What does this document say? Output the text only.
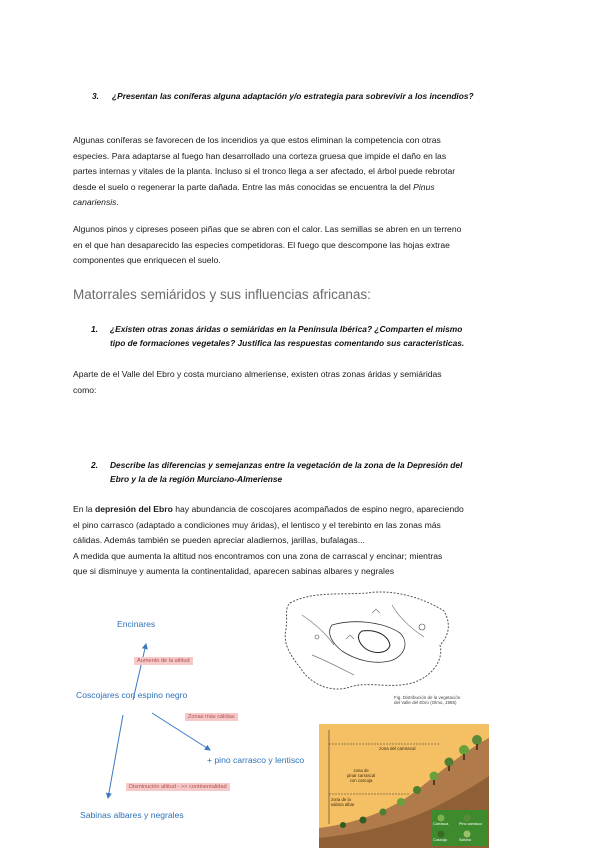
3. ¿Presentan las coníferas alguna adaptación y/o estrategia para sobrevivir a los incendios?
Algunas coníferas se favorecen de los incendios ya que estos eliminan la competencia con otras
especies. Para adaptarse al fuego han desarrollado una corteza gruesa que impide el daño en las
partes internas y vitales de la planta. Incluso si el tronco llega a ser afectado, el árbol puede rebrotar
desde el suelo o regenerar la parte dañada. Entre las más conocidas se encuentra la del Pinus
canariensis.
Algunos pinos y cipreses poseen piñas que se abren con el calor. Las semillas se abren en un terreno
en el que han desaparecido las especies competidoras. El fuego que descompone las hojas extrae
componentes que enriquecen el suelo.
Matorrales semiáridos y sus influencias africanas:
1. ¿Existen otras zonas áridas o semiáridas en la Península Ibérica? ¿Comparten el mismo
tipo de formaciones vegetales? Justifica las respuestas comentando sus características.
Aparte de el Valle del Ebro y costa murciano almeriense, existen otras zonas áridas y semiáridas
como:
2. Describe las diferencias y semejanzas entre la vegetación de la zona de la Depresión del
Ebro y la de la región Murciano-Almeriense
En la depresión del Ebro hay abundancia de coscojares acompañados de espino negro, apareciendo
el pino carrasco (adaptado a condiciones muy áridas), el lentisco y el terebinto en las zonas más
cálidas. Además también se pueden apreciar aladiernos, jarillas, bufalagas...
A medida que aumenta la altitud nos encontramos con una zona de carrascal y encinar; mientras
que si disminuye y aumenta la continentalidad, aparecen sabinas albares y negrales
Encinares
Aumento de la altitud
Coscojares con espino negro
Zonas más cálidas
+ pino carrasco y lentisco
Disminución altitud - >> continentalidad
Sabinas albares y negrales
Fig. Distribución de la vegetación
del Valle del Ebro (Olmo, 1985)
zona del carrascal
zona de
pinar carrascal
con coscoja
zona de la
sabina albar
Carrasca	Pino carrasco
Coscoja	Sabina
